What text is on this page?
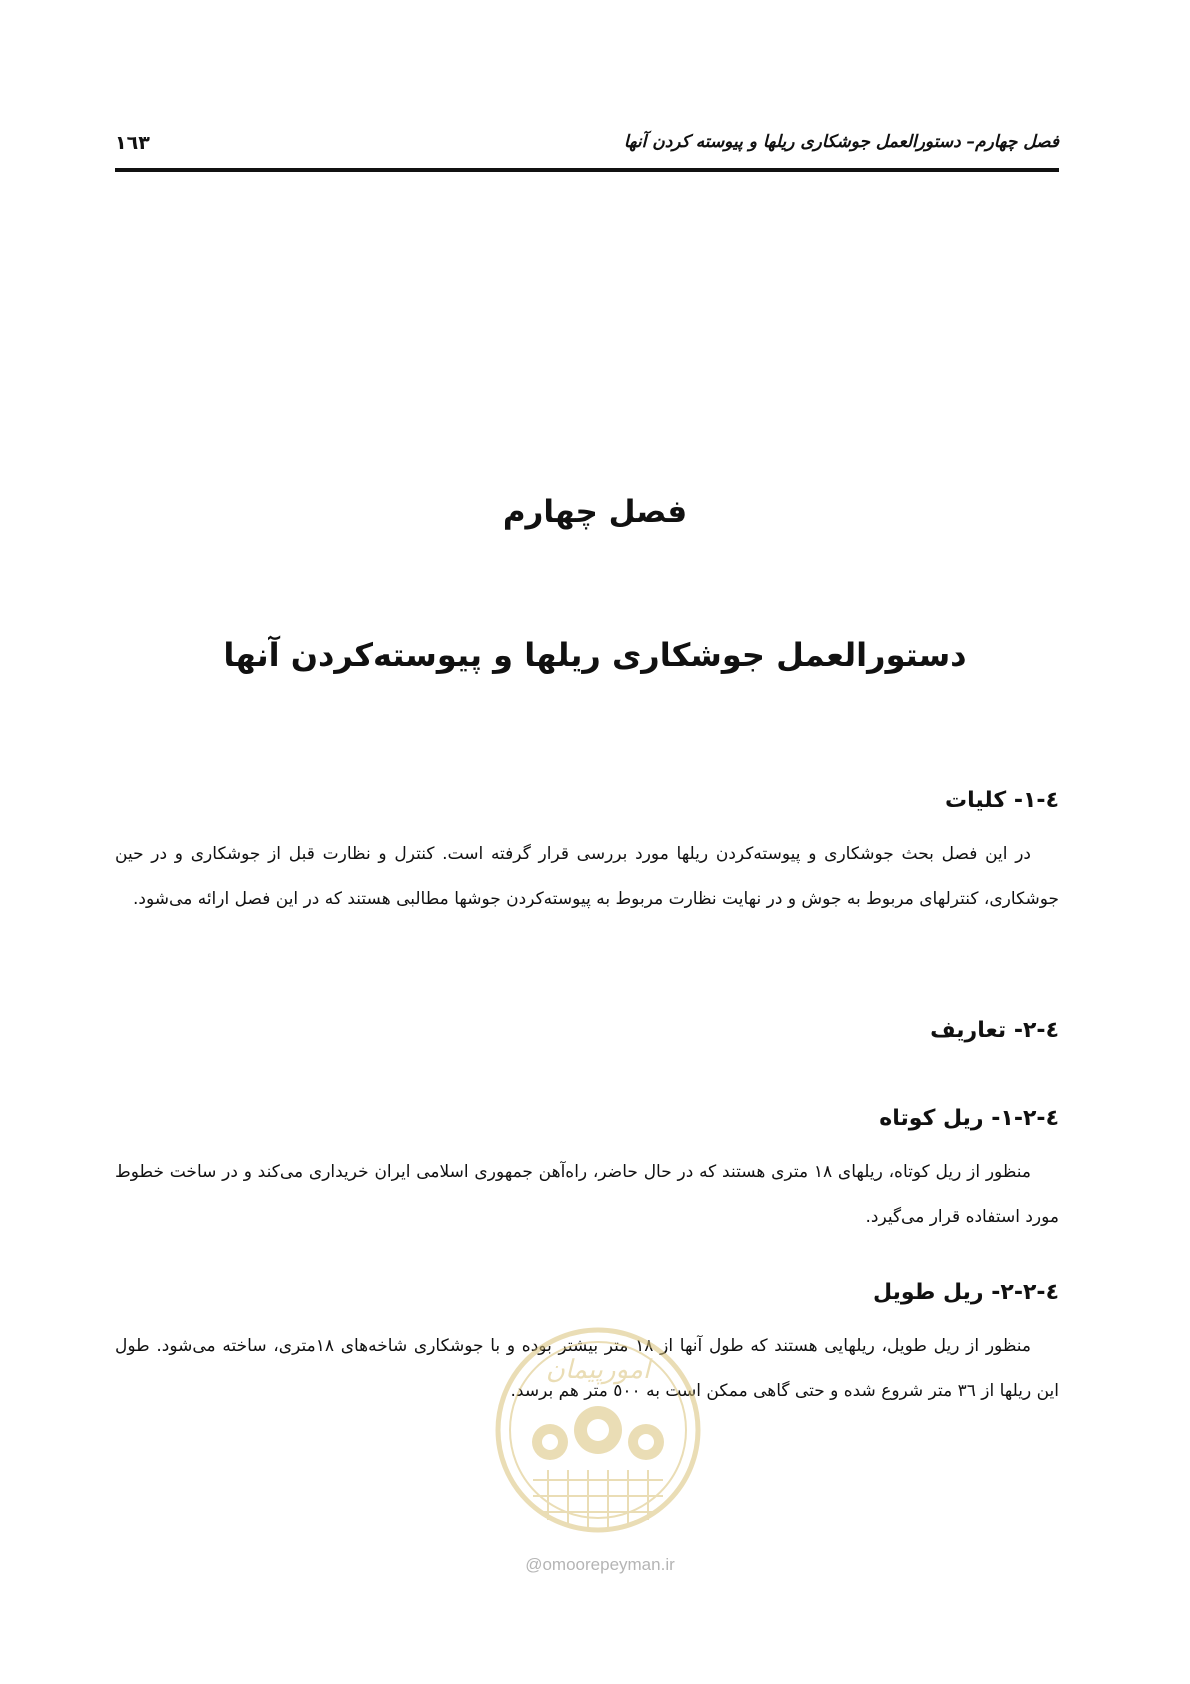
فصل چهارم– دستورالعمل جوشکاری ریلها و پیوسته کردن آنها
١٦٣
فصل چهارم
دستورالعمل جوشکاری ریلها و پیوسته‌کردن آنها
٤-١- کلیات

در این فصل بحث جوشکاری و پیوسته‌کردن ریلها مورد بررسی قرار گرفته است. کنترل و نظارت قبل از جوشکاری و در حین جوشکاری، کنترلهای مربوط به جوش و در نهایت نظارت مربوط به پیوسته‌کردن جوشها مطالبی هستند که در این فصل ارائه می‌شود.

٤-٢- تعاریف
٤-٢-١- ریل کوتاه

منظور از ریل کوتاه، ریلهای ١٨ متری هستند که در حال حاضر، راه‌آهن جمهوری اسلامی ایران خریداری می‌کند و در ساخت خطوط مورد استفاده قرار می‌گیرد.

٤-٢-٢- ریل طویل

منظور از ریل طویل، ریلهایی هستند که طول آنها از ١٨ متر بیشتر بوده و با جوشکاری شاخه‌های ١٨متری، ساخته می‌شود. طول این ریلها از ٣٦ متر شروع شده و حتی گاهی ممکن است به ٥٠٠ متر هم برسد.

امورپیمان
@omoorepeyman.ir
